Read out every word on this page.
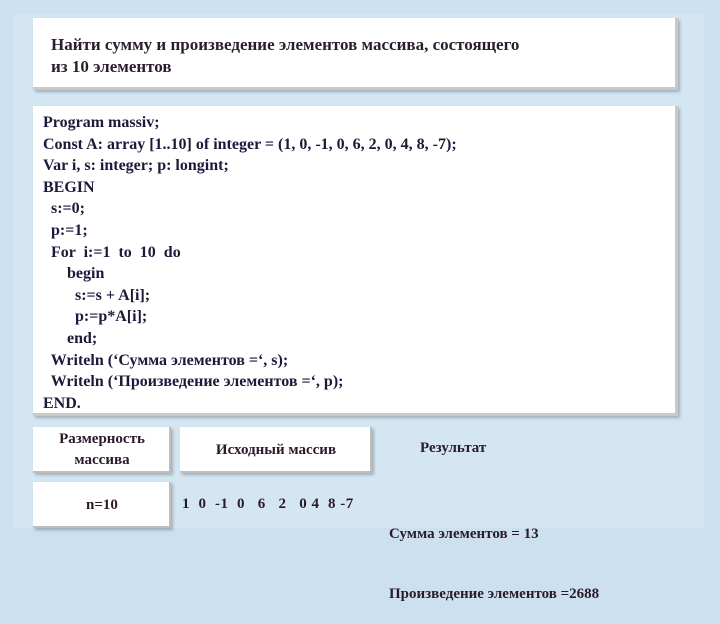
Найти сумму и произведение элементов массива, состоящего
из 10 элементов
Program massiv;
Const A: array [1..10] of integer = (1, 0, -1, 0, 6, 2, 0, 4, 8, -7);
Var i, s: integer; p: longint;
BEGIN
s:=0;
p:=1;
For  i:=1  to  10  do
begin
s:=s + A[i];
p:=p*A[i];
end;
Writeln (‘Сумма элементов =‘, s);
Writeln (‘Произведение элементов =‘, p);
END.
Размерность
массива
Исходный массив	Результат
n=10	1  0  -1  0   6   2   0 4  8 -7

Сумма элементов = 13

Произведение элементов =2688
